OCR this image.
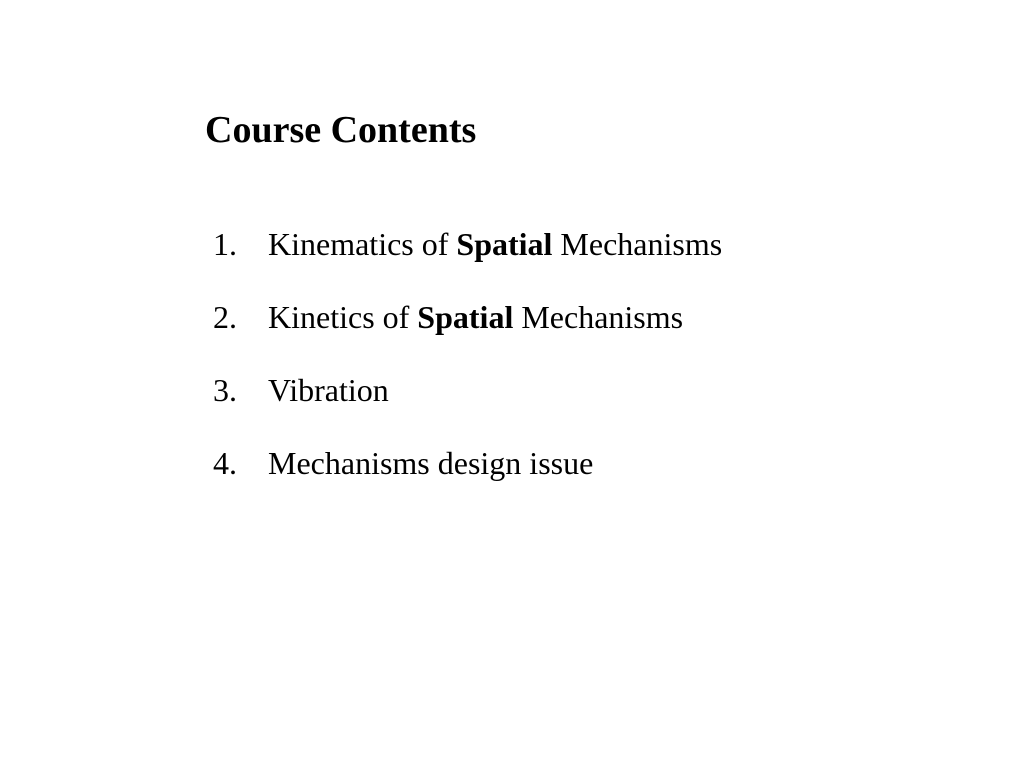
Course Contents
1. Kinematics of Spatial Mechanisms
2. Kinetics of Spatial Mechanisms
3. Vibration
4. Mechanisms design issue
